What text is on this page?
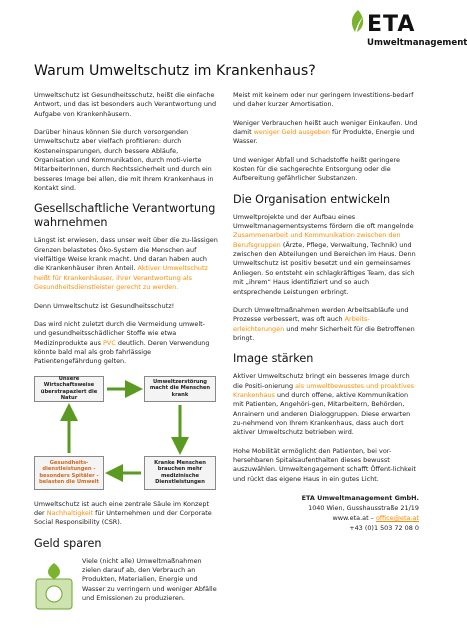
ETA
Umweltmanagement
Warum Umweltschutz im Krankenhaus?

Umweltschutz ist Gesundheitsschutz, heißt die einfache Antwort, und das ist besonders auch Verantwortung und Aufgabe von Krankenhäusern.

Darüber hinaus können Sie durch vorsorgenden Umweltschutz aber vielfach profitieren: durch Kosteneinsparungen, durch bessere Abläufe, Organisation und Kommunikation, durch moti-vierte MitarbeiterInnen, durch Rechtssicherheit und durch ein besseres Image bei allen, die mit Ihrem Krankenhaus in Kontakt sind.

Gesellschaftliche Verantwortung wahrnehmen

Längst ist erwiesen, dass unser weit über die zu-lässigen Grenzen belastetes Öko-System die Menschen auf vielfältige Weise krank macht. Und daran haben auch die Krankenhäuser ihren Anteil. Aktiver Umweltschutz heißt für Krankenhäuser, ihrer Verantwortung als Gesundheitsdienstleister gerecht zu werden.

Denn Umweltschutz ist Gesundheitsschutz!

Das wird nicht zuletzt durch die Vermeidung umwelt- und gesundheitsschädlicher Stoffe wie etwa Medizinprodukte aus PVC deutlich. Deren Verwendung könnte bald mal als grob fahrlässige Patientengefährdung gelten.

Unsere Wirtschaftsweise überstrapaziert die Natur
Umweltzerstörung macht die Menschen krank
Gesundheits-dienstleistungen - besonders Spitäler - belasten die Umwelt
Kranke Menschen brauchen mehr medizinische Dienstleistungen

Umweltschutz ist auch eine zentrale Säule im Konzept der Nachhaltigkeit für Unternehmen und der Corporate Social Responsibility (CSR).

Geld sparen

Viele (nicht alle) Umweltmaßnahmen zielen darauf ab, den Verbrauch an Produkten, Materialien, Energie und Wasser zu verringern und weniger Abfälle und Emissionen zu produzieren.

Meist mit keinem oder nur geringem Investitions-bedarf und daher kurzer Amortisation.

Weniger Verbrauchen heißt auch weniger Einkaufen. Und damit weniger Geld ausgeben für Produkte, Energie und Wasser.

Und weniger Abfall und Schadstoffe heißt geringere Kosten für die sachgerechte Entsorgung oder die Aufbereitung gefährlicher Substanzen.

Die Organisation entwickeln

Umweltprojekte und der Aufbau eines Umweltmanagementsystems fördern die oft mangelnde Zusammenarbeit und Kommunikation zwischen den Berufsgruppen (Ärzte, Pflege, Verwaltung, Technik) und zwischen den Abteilungen und Bereichen im Haus. Denn Umweltschutz ist positiv besetzt und ein gemeinsames Anliegen. So entsteht ein schlagkräftiges Team, das sich mit „ihrem“ Haus identifiziert und so auch entsprechende Leistungen erbringt.

Durch Umweltmaßnahmen werden Arbeitsabläufe und Prozesse verbessert, was oft auch Arbeits-erleichterungen und mehr Sicherheit für die Betroffenen bringt.

Image stärken

Aktiver Umweltschutz bringt ein besseres Image durch die Positi-onierung als umweltbewusstes und proaktives Krankenhaus und durch offene, aktive Kommunikation mit Patienten, Angehöri-gen, Mitarbeitern, Behörden, Anrainern und anderen Dialoggruppen. Diese erwarten zu-nehmend von Ihrem Krankenhaus, dass auch dort aktiver Umweltschutz betrieben wird.

Hohe Mobilität ermöglicht den Patienten, bei vor-hersehbaren Spitalsaufenthalten dieses bewusst auszuwählen. Umweltengagement schafft Öffent-lichkeit und rückt das eigene Haus in ein gutes Licht.

ETA Umweltmanagement GmbH.
1040 Wien, Gusshausstraße 21/19
www.eta.at – office@eta.at
+43 (0)1 503 72 08 0
